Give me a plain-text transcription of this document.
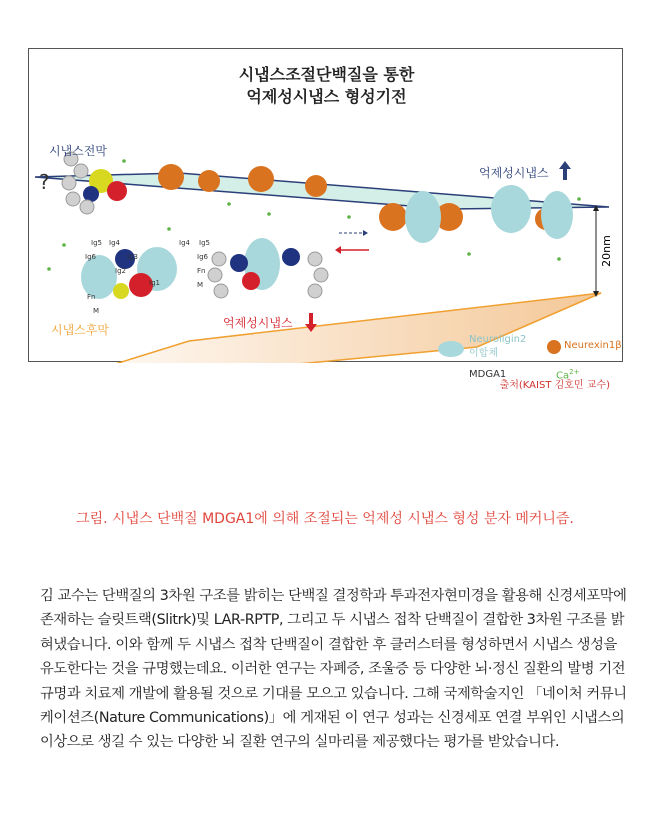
시냅스조절단백질을 통한
억제성시냅스 형성기전
시냅스전막
억제성시냅스
?
20nm
시냅스후막	억제성시냅스
Neuroligin2
이합체
Neurexin1β
MDGA1	$Ca^{2+}$
Ig5 Ig4
Ig6	Ig3
Ig2
Ig1
Fn
M
Ig4 Ig5
Ig6
Fn
M
출처(KAIST 김호민 교수)
그림. 시냅스 단백질 MDGA1에 의해 조절되는 억제성 시냅스 형성 분자 메커니즘.
김 교수는 단백질의 3차원 구조를 밝히는 단백질 결정학과 투과전자현미경을 활용해 신경세포막에 존재하는 슬릿트랙(Slitrk)및 LAR-RPTP, 그리고 두 시냅스 접착 단백질이 결합한 3차원 구조를 밝혀냈습니다. 이와 함께 두 시냅스 접착 단백질이 결합한 후 클러스터를 형성하면서 시냅스 생성을 유도한다는 것을 규명했는데요. 이러한 연구는 자폐증, 조울증 등 다양한 뇌·정신 질환의 발병 기전 규명과 치료제 개발에 활용될 것으로 기대를 모으고 있습니다. 그해 국제학술지인 「네이처 커뮤니케이션즈(Nature Communications)」에 게재된 이 연구 성과는 신경세포 연결 부위인 시냅스의 이상으로 생길 수 있는 다양한 뇌 질환 연구의 실마리를 제공했다는 평가를 받았습니다.
